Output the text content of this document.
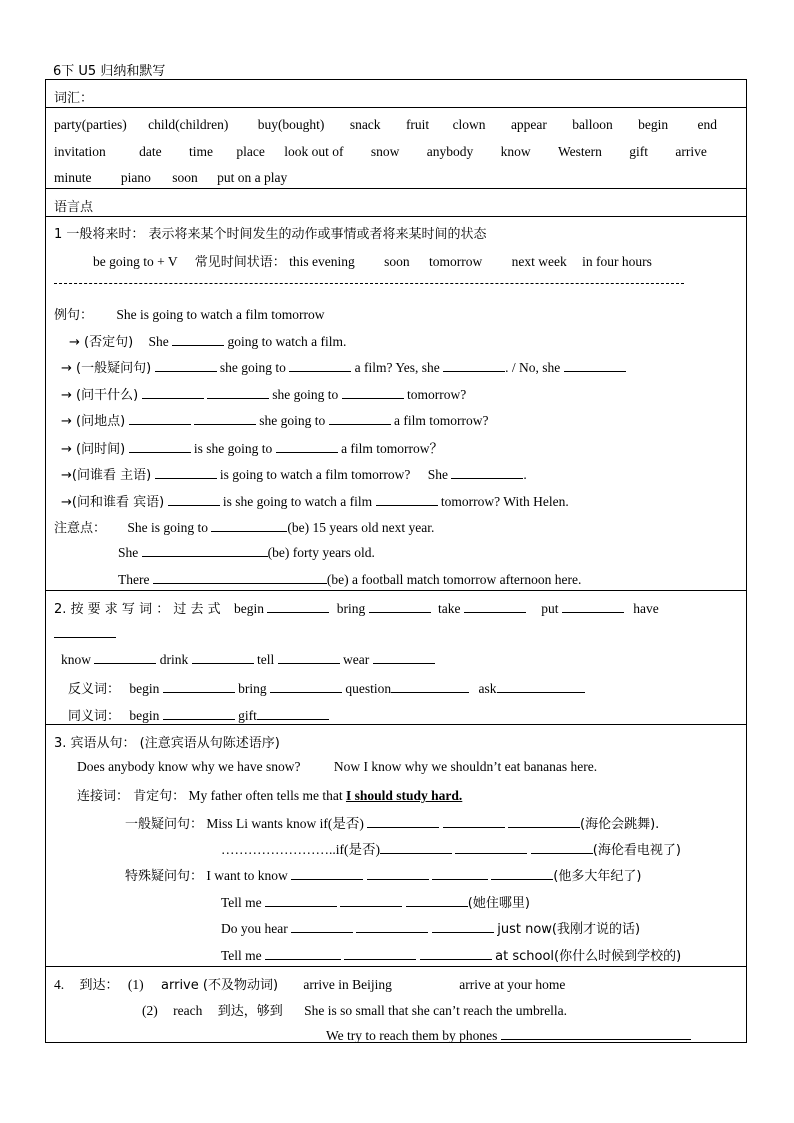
6下 U5 归纳和默写
词汇：
party(parties) child(children) buy(bought) snack fruit clown appear balloon begin end
invitation date time place look out of snow anybody know Western gift arrive
minute piano soon put on a play
语言点
1 一般将来时： 表示将来某个时间发生的动作或事情或者将来某时间的状态
be going to + V 常见时间状语： this evening soon tomorrow next week in four hours
例句： She is going to watch a film tomorrow
→ (否定句) She	going to watch a film.
→ (一般疑问句)	she going to	a film? Yes, she	. / No, she
→ (问干什么)	she going to	tomorrow?
→ (问地点)	she going to	a film tomorrow?
→ (问时间)	is she going to	a film tomorrow？
→(问谁看 主语)	is going to watch a film tomorrow? She	.
→(问和谁看 宾语)	is she going to watch a film	tomorrow? With Helen.
注意点： She is going to	(be) 15 years old next year.
She	(be) forty years old.
There	(be) a football match tomorrow afternoon here.
2. 按 要 求 写 词 ： 过 去 式 begin	bring	take	put	have
know	drink	tell	wear
反义词： begin	bring	question	ask
同义词： begin	gift
3. 宾语从句： (注意宾语从句陈述语序)
Does anybody know why we have snow? Now I know why we shouldn’t eat bananas here.
连接词： 肯定句： My father often tells me that I should study hard.
一般疑问句： Miss Li wants know if(是否)	(海伦会跳舞).
……………………..if(是否)	(海伦看电视了)
特殊疑问句： I want to know	(他多大年纪了)
Tell me	(她住哪里)
Do you hear	just now(我刚才说的话)
Tell me	at school(你什么时候到学校的)
4. 到达： (1) arrive (不及物动词) arrive in Beijing	arrive at your home
(2) reach 到达，够到 She is so small that she can’t reach the umbrella.
We try to reach them by phones
